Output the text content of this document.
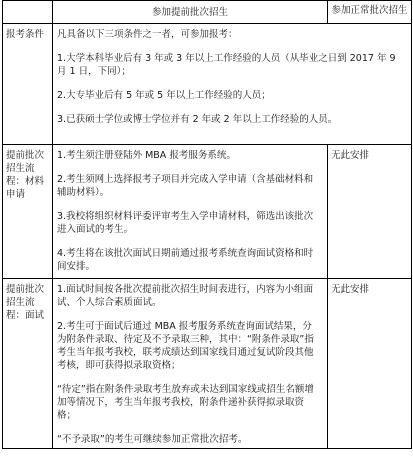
	参加提前批次招生	参加正常批次招生
报考条件	凡具备以下三项条件之一者，可参加报考：

1.大学本科毕业后有 3 年或 3 年以上工作经验的人员（从毕业之日到 2017 年 9 月 1 日，下同）；

2.大专毕业后有 5 年或 5 年以上工作经验的人员；

3.已获硕士学位或博士学位并有 2 年或 2 年以上工作经验的人员。	

提前批次招生流程：材料申请	1.考生须注册登陆外 MBA 报考服务系统。

2.考生须网上选择报考子项目并完成入学申请（含基础材料和辅助材料）。

3.我校将组织材料评委评审考生入学申请材料，筛选出该批次进入面试的考生。

4.考生将在该批次面试日期前通过报考系统查询面试资格和时间安排。	无此安排
提前批次招生流程：面试	1.面试时间按各批次提前批次招生时间表进行，内容为小组面试、个人综合素质面试。

2.考生可于面试后通过 MBA 报考服务系统查询面试结果，分为附条件录取、待定及不予录取三种，其中：“附条件录取”指考生当年报考我校，联考成绩达到国家线目通过复试阶段其他考核，即可获得拟录取资格；

“待定”指在附条件录取考生放弃或未达到国家线或招生名额增加等情况下，考生当年报考我校，附条件递补获得拟录取资格；

“不予录取”的考生可继续参加正常批次招考。	无此安排
